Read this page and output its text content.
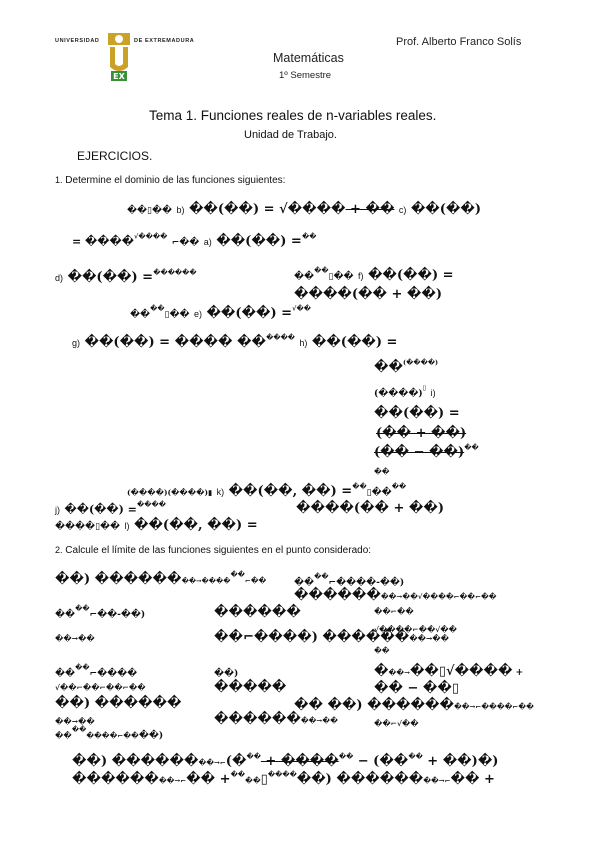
UNIVERSIDAD
EX
DE EXTREMADURA	Prof. Alberto Franco Solís
Matemáticas
1º Semestre
Tema 1. Funciones reales de n-variables reales.
Unidad de Trabajo.
EJERCICIOS.
1. Determine el dominio de las funciones siguientes:
��▯�� b) ��(��) = √���� + �� c) ��(��)
= ����√���� ⌐�� a) ��(��) =��
d) ��(��) =������	����▯�� f) ��(��) =
����(�� + ��)
����▯�� e) ��(��) =√��
g) ��(��) = ���� ������ h) ��(��) =
��(����)
(����)▯ i)
��(��) =
(�� + ��)
(�� − ��)��
��
(����)(����)▮ k) ��(��, ��) =��▯����
j) ��(��) =����	����(�� + ��)
����▯�� l) ��(��, ��) =
2. Calcule el límite de las funciones siguientes en el punto considerado:
��) ��������→������⌐��	����⌐����-��)
��������→��√����⌐��⌐��
����⌐��-��)	������	��⌐��
√����⌐��√��
��→��	��⌐����) ��������→��
��
����⌐����
√��⌐��⌐��⌐��
��)	���→��▯√���� +
�����	�� − ��▯
��) ������	�� ��) ��������→⌐����⌐��
��→��	��������→��	��⌐√��
��������⌐����)
��) ��������→⌐(��� + ������ − (���� + ��)�)
��������→⌐�� +����▯������) ��������→⌐�� +
